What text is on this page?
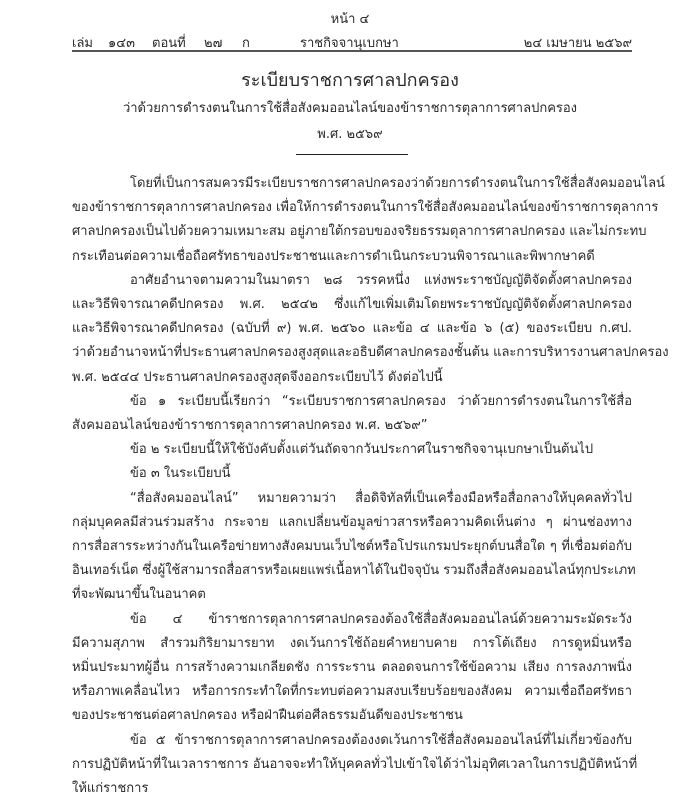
หน้า ๔
เล่ม ๑๔๓ ตอนที่ ๒๗ ก	ราชกิจจานุเบกษา	๒๔ เมษายน ๒๕๖๙
ระเบียบราชการศาลปกครอง
ว่าด้วยการดำรงตนในการใช้สื่อสังคมออนไลน์ของข้าราชการตุลาการศาลปกครอง
พ.ศ. ๒๕๖๙

โดยที่เป็นการสมควรมีระเบียบราชการศาลปกครองว่าด้วยการดำรงตนในการใช้สื่อสังคมออนไลน์
ของข้าราชการตุลาการศาลปกครอง เพื่อให้การดำรงตนในการใช้สื่อสังคมออนไลน์ของข้าราชการตุลาการ
ศาลปกครองเป็นไปด้วยความเหมาะสม อยู่ภายใต้กรอบของจริยธรรมตุลาการศาลปกครอง และไม่กระทบ
กระเทือนต่อความเชื่อถือศรัทธาของประชาชนและการดำเนินกระบวนพิจารณาและพิพากษาคดี

อาศัยอำนาจตามความในมาตรา ๒๘ วรรคหนึ่ง แห่งพระราชบัญญัติจัดตั้งศาลปกครอง
และวิธีพิจารณาคดีปกครอง พ.ศ. ๒๕๔๒ ซึ่งแก้ไขเพิ่มเติมโดยพระราชบัญญัติจัดตั้งศาลปกครอง
และวิธีพิจารณาคดีปกครอง (ฉบับที่ ๙) พ.ศ. ๒๕๖๐ และข้อ ๔ และข้อ ๖ (๕) ของระเบียบ ก.ศป.
ว่าด้วยอำนาจหน้าที่ประธานศาลปกครองสูงสุดและอธิบดีศาลปกครองชั้นต้น และการบริหารงานศาลปกครอง
พ.ศ. ๒๕๔๔ ประธานศาลปกครองสูงสุดจึงออกระเบียบไว้ ดังต่อไปนี้

ข้อ ๑ ระเบียบนี้เรียกว่า “ระเบียบราชการศาลปกครอง ว่าด้วยการดำรงตนในการใช้สื่อ
สังคมออนไลน์ของข้าราชการตุลาการศาลปกครอง พ.ศ. ๒๕๖๙”

ข้อ ๒ ระเบียบนี้ให้ใช้บังคับตั้งแต่วันถัดจากวันประกาศในราชกิจจานุเบกษาเป็นต้นไป

ข้อ ๓ ในระเบียบนี้

“สื่อสังคมออนไลน์” หมายความว่า สื่อดิจิทัลที่เป็นเครื่องมือหรือสื่อกลางให้บุคคลทั่วไป
กลุ่มบุคคลมีส่วนร่วมสร้าง กระจาย แลกเปลี่ยนข้อมูลข่าวสารหรือความคิดเห็นต่าง ๆ ผ่านช่องทาง
การสื่อสารระหว่างกันในเครือข่ายทางสังคมบนเว็บไซต์หรือโปรแกรมประยุกต์บนสื่อใด ๆ ที่เชื่อมต่อกับ
อินเทอร์เน็ต ซึ่งผู้ใช้สามารถสื่อสารหรือเผยแพร่เนื้อหาได้ในปัจจุบัน รวมถึงสื่อสังคมออนไลน์ทุกประเภท
ที่จะพัฒนาขึ้นในอนาคต

ข้อ ๔ ข้าราชการตุลาการศาลปกครองต้องใช้สื่อสังคมออนไลน์ด้วยความระมัดระวัง
มีความสุภาพ สำรวมกิริยามารยาท งดเว้นการใช้ถ้อยคำหยาบคาย การโต้เถียง การดูหมิ่นหรือ
หมิ่นประมาทผู้อื่น การสร้างความเกลียดชัง การระราน ตลอดจนการใช้ข้อความ เสียง การลงภาพนิ่ง
หรือภาพเคลื่อนไหว หรือการกระทำใดที่กระทบต่อความสงบเรียบร้อยของสังคม ความเชื่อถือศรัทธา
ของประชาชนต่อศาลปกครอง หรือฝ่าฝืนต่อศีลธรรมอันดีของประชาชน

ข้อ ๕ ข้าราชการตุลาการศาลปกครองต้องงดเว้นการใช้สื่อสังคมออนไลน์ที่ไม่เกี่ยวข้องกับ
การปฏิบัติหน้าที่ในเวลาราชการ อันอาจจะทำให้บุคคลทั่วไปเข้าใจได้ว่าไม่อุทิศเวลาในการปฏิบัติหน้าที่
ให้แก่ราชการ
